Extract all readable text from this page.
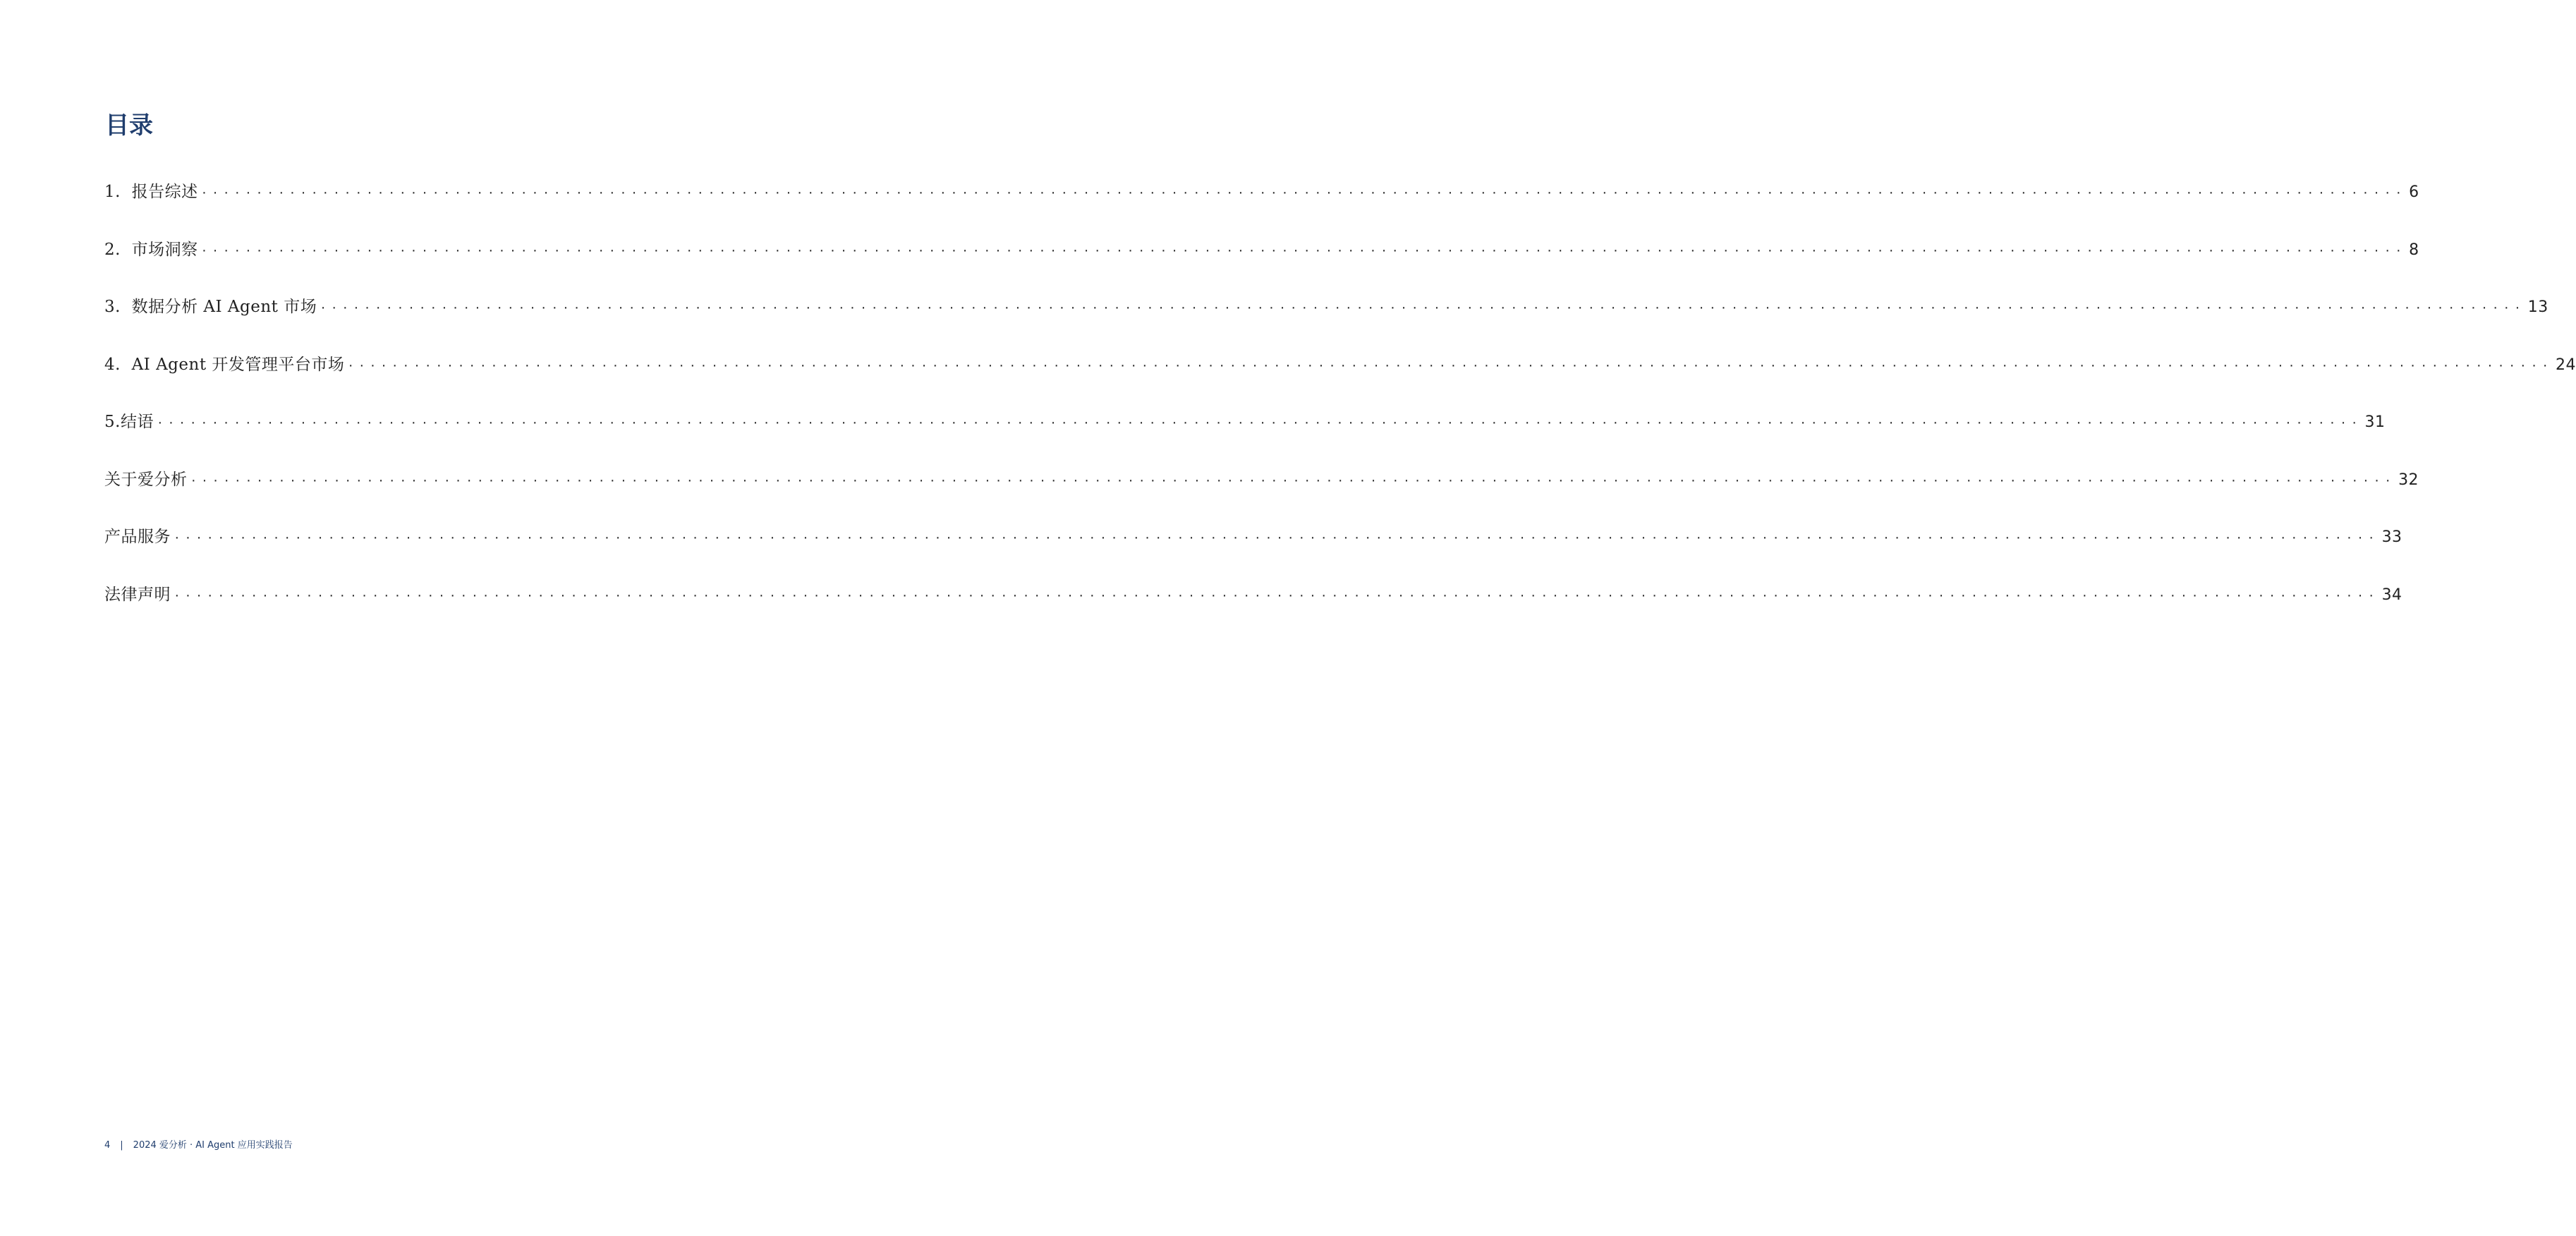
目录
1.  报告综述 ········································································································································································································ 6
2.  市场洞察 ········································································································································································································ 8
3.  数据分析 AI Agent 市场 ········································································································································································································ 13
4.  AI Agent 开发管理平台市场 ········································································································································································································ 24
5.结语 ········································································································································································································ 31
关于爱分析 ········································································································································································································ 32
产品服务 ········································································································································································································ 33
法律声明 ········································································································································································································ 34
4 | 2024 爱分析 · AI Agent 应用实践报告
